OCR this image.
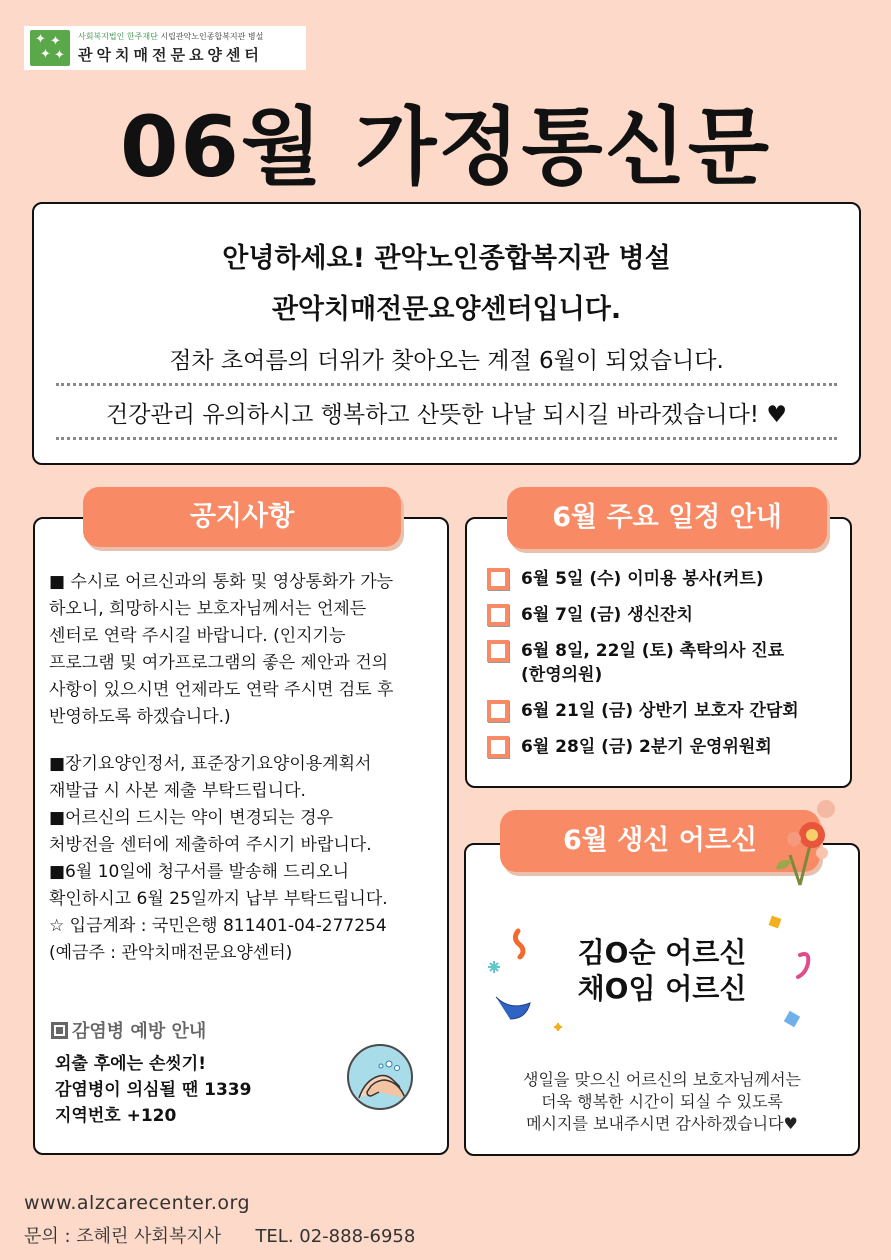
✦ ✦
✦ ✦
사회복지법인 한주재단 시립관악노인종합복지관 병설
관악치매전문요양센터
06월 가정통신문
안녕하세요! 관악노인종합복지관 병설
관악치매전문요양센터입니다.
점차 초여름의 더위가 찾아오는 계절 6월이 되었습니다.
건강관리 유의하시고 행복하고 산뜻한 나날 되시길 바라겠습니다! ♥

■ 수시로 어르신과의 통화 및 영상통화가 가능
하오니, 희망하시는 보호자님께서는 언제든
센터로 연락 주시길 바랍니다. (인지기능
프로그램 및 여가프로그램의 좋은 제안과 건의
사항이 있으시면 언제라도 연락 주시면 검토 후
반영하도록 하겠습니다.)

■장기요양인정서, 표준장기요양이용계획서
재발급 시 사본 제출 부탁드립니다.
■어르신의 드시는 약이 변경되는 경우
처방전을 센터에 제출하여 주시기 바랍니다.
■6월 10일에 청구서를 발송해 드리오니
확인하시고 6월 25일까지 납부 부탁드립니다.
☆ 입금계좌 : 국민은행 811401-04-277254
(예금주 : 관악치매전문요양센터)

감염병 예방 안내
외출 후에는 손씻기!
감염병이 의심될 땐 1339
지역번호 +120
공지사항
6월 5일 (수) 이미용 봉사(커트)
6월 7일 (금) 생신잔치
6월 8일, 22일 (토) 촉탁의사 진료
(한영의원)
6월 21일 (금) 상반기 보호자 간담회
6월 28일 (금) 2분기 운영위원회
6월 주요 일정 안내
김O순 어르신
채O임 어르신
생일을 맞으신 어르신의 보호자님께서는
더욱 행복한 시간이 되실 수 있도록
메시지를 보내주시면 감사하겠습니다♥
6월 생신 어르신
www.alzcarecenter.org
문의 : 조혜린 사회복지사      TEL. 02-888-6958
